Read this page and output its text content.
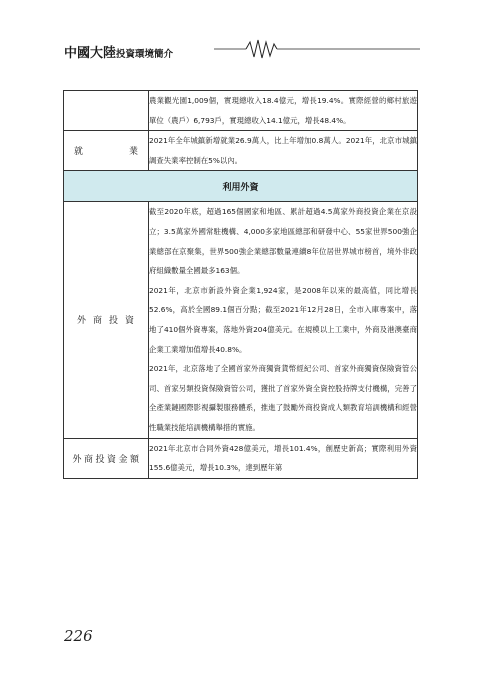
中國大陸投資環境簡介

	農業觀光園1,009個，實現總收入18.4億元，增長19.4%。實際經營的鄉村旅遊單位（農戶）6,793戶，實現總收入14.1億元，增長48.4%。

就 業	2021年全年城鎮新增就業26.9萬人，比上年增加0.8萬人。2021年，北京市城鎮調查失業率控制在5%以內。

利用外資	
外商投資	截至2020年底，超過165個國家和地區、累計超過4.5萬家外商投資企業在京設立；3.5萬家外國常駐機構、4,000多家地區總部和研發中心、55家世界500強企業總部在京聚集，世界500強企業總部數量連續8年位居世界城市榜首，境外非政府組織數量全國最多163個。

2021年，北京市新設外資企業1,924家，是2008年以來的最高值，同比增長52.6%，高於全國89.1個百分點；截至2021年12月28日，全市入庫專案中，落地了410個外資專案，落地外資204億美元。在規模以上工業中，外商及港澳臺商企業工業增加值增長40.8%。

2021年，北京落地了全國首家外商獨資貨幣經紀公司、首家外商獨資保險資管公司、首家另類投資保險資管公司，獲批了首家外資全資控股持牌支付機構，完善了全產業鏈國際影視攝製服務體系，推進了鼓勵外商投資成人類教育培訓機構和經營性職業技能培訓機構舉措的實施。

外商投資金額	2021年北京市合同外資428億美元，增長101.4%，創歷史新高；實際利用外資155.6億美元，增長10.3%，達到歷年第

226
